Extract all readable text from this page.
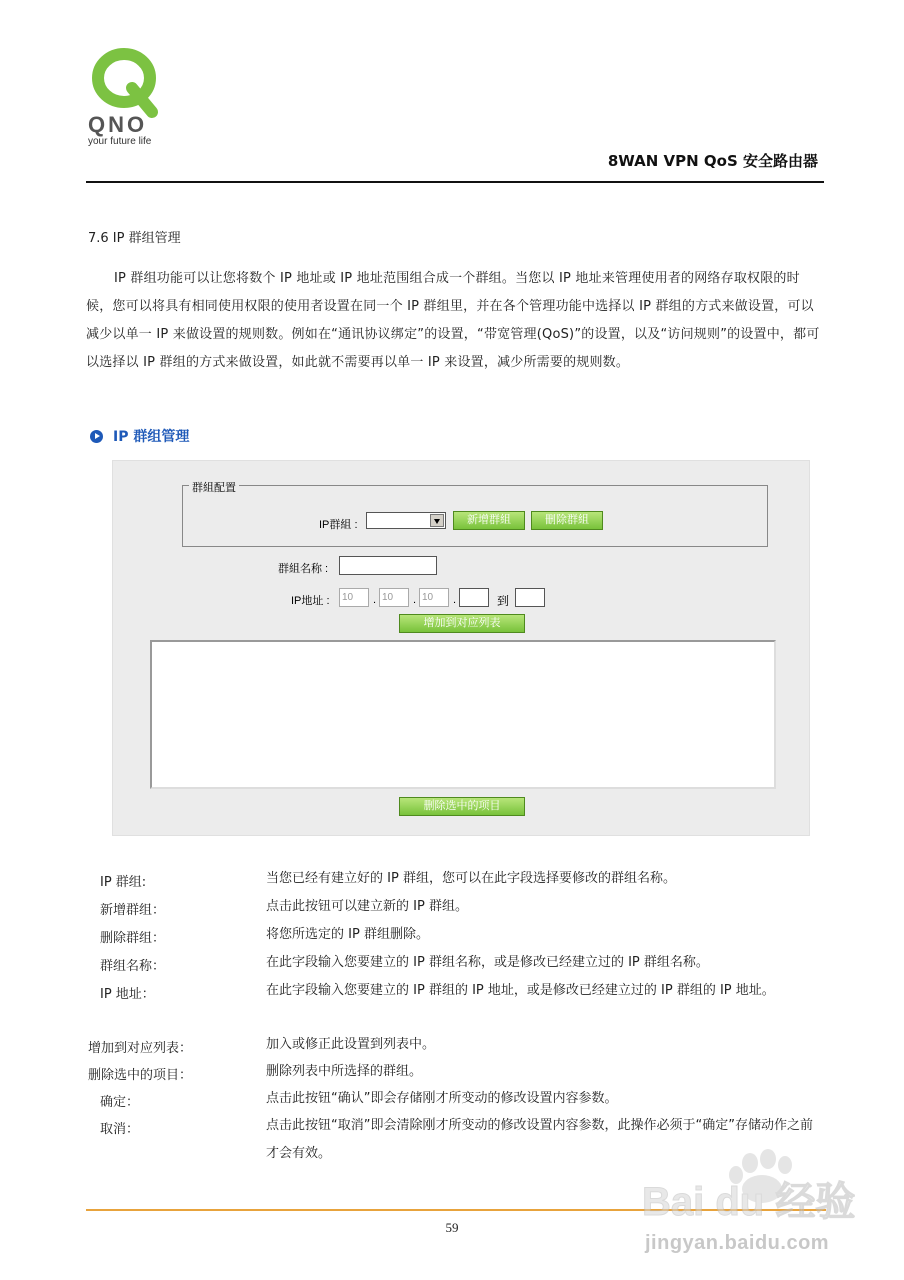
QNO
your future life
8WAN VPN QoS 安全路由器
7.6 IP 群组管理

IP 群组功能可以让您将数个 IP 地址或 IP 地址范围组合成一个群组。当您以 IP 地址来管理使用者的网络存取权限的时候，您可以将具有相同使用权限的使用者设置在同一个 IP 群组里，并在各个管理功能中选择以 IP 群组的方式来做设置，可以减少以单一 IP 来做设置的规则数。例如在“通讯协议绑定”的设置，“带宽管理(QoS)”的设置，以及“访问规则”的设置中，都可以选择以 IP 群组的方式来做设置，如此就不需要再以单一 IP 来设置，减少所需要的规则数。

IP 群组管理
群組配置
IP群組 :	新增群組	刪除群組
群組名称 :
IP地址 :	10	. 10	. 10	.	到
增加到对应列表
删除选中的项目
IP 群组:	当您已经有建立好的 IP 群组，您可以在此字段选择要修改的群组名称。
新增群组：	点击此按钮可以建立新的 IP 群组。
删除群组：	将您所选定的 IP 群组删除。
群组名称：	在此字段输入您要建立的 IP 群组名称，或是修改已经建立过的 IP 群组名称。
IP 地址：	在此字段输入您要建立的 IP 群组的 IP 地址，或是修改已经建立过的 IP 群组的 IP 地址。
增加到对应列表：	加入或修正此设置到列表中。
删除选中的项目：	删除列表中所选择的群组。
确定：	点击此按钮“确认”即会存储刚才所变动的修改设置内容参数。
取消：	点击此按钮“取消”即会清除刚才所变动的修改设置内容参数，此操作必须于“确定”存储动作之前才会有效。
59
Bai du 经验
jingyan.baidu.com
